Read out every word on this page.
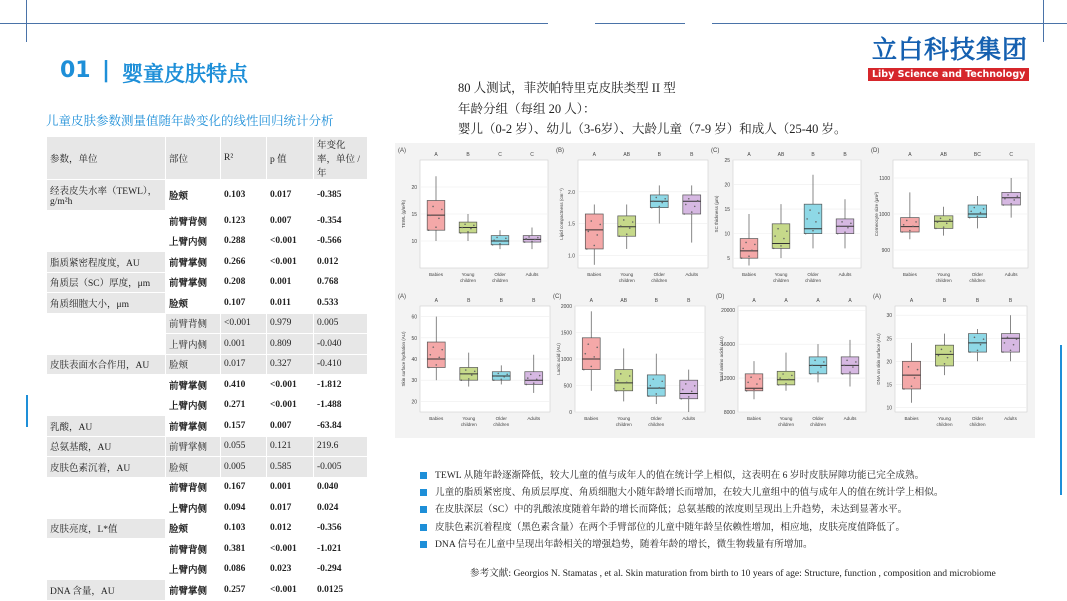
01 | 婴童皮肤特点
立白科技集团
Liby Science and Technology
儿童皮肤参数测量值随年龄变化的线性回归统计分析
80 人测试，菲茨帕特里克皮肤类型 II 型
年龄分组（每组 20 人）：
婴儿（0-2 岁）、幼儿（3-6岁）、大龄儿童（7-9 岁）和成人（25-40 岁。
参数，单位	部位	R²	p 值	年变化率，单位 / 年
经表皮失水率（TEWL），g/m²h	脸颊	0.103	0.017	-0.385
	前臂背侧	0.123	0.007	-0.354
	上臂内侧	0.288	<0.001	-0.566
脂质紧密程度度，AU	前臂掌侧	0.266	<0.001	0.012
角质层（SC）厚度，μm	前臂掌侧	0.208	0.001	0.768
角质细胞大小，μm	脸颊	0.107	0.011	0.533
	前臂背侧	<0.001	0.979	0.005
	上臂内侧	0.001	0.809	-0.040
皮肤表面水合作用，AU	脸颊	0.017	0.327	-0.410
	前臂掌侧	0.410	<0.001	-1.812
	上臂内侧	0.271	<0.001	-1.488
乳酸，AU	前臂掌侧	0.157	0.007	-63.84
总氨基酸，AU	前臂掌侧	0.055	0.121	219.6
皮肤色素沉着，AU	脸颊	0.005	0.585	-0.005
	前臂背侧	0.167	0.001	0.040
	上臂内侧	0.094	0.017	0.024
皮肤亮度，L*值	脸颊	0.103	0.012	-0.356
	前臂背侧	0.381	<0.001	-1.021
	上臂内侧	0.086	0.023	-0.294
DNA 含量，AU	前臂掌侧	0.257	<0.001	0.0125
(A)
TEWL (g/m²h)
10
15
20
A
Babies
B
Young
children
C
Older
children
C
Adults
(B)
Lipid compactness (cm⁻¹)
1.0
1.5
2.0
A
Babies
AB
Young
children
B
Older
children
B
Adults
(C)
SC thickness (μm)
5
10
15
20
25
A
Babies
AB
Young
children
B
Older
children
B
Adults
(D)
Corneocyte size (μm²)
900
1000
1100
A
Babies
AB
Young
children
BC
Older
children
C
Adults
(A)
Skin surface hydration (AU)
20
30
40
50
60
A
Babies
B
Young
children
B
Older
children
B
Adults
(C)
Lactic acid (AU)
0
500
1000
1500
2000
A
Babies
AB
Young
children
B
Older
children
B
Adults
(D)
Total amino acids (AU)
8000
12000
16000
20000
A
Babies
A
Young
children
A
Older
children
A
Adults
(A)
DNA on skin surface (AU)
10
15
20
25
30
A
Babies
B
Young
children
B
Older
children
B
Adults
TEWL 从随年龄逐渐降低，较大儿童的值与成年人的值在统计学上相似，这表明在 6 岁时皮肤屏障功能已完全成熟。
儿童的脂质紧密度、角质层厚度、角质细胞大小随年龄增长而增加，在较大儿童组中的值与成年人的值在统计学上相似。
在皮肤深层（SC）中的乳酸浓度随着年龄的增长而降低；总氨基酸的浓度则呈现出上升趋势，未达到显著水平。
皮肤色素沉着程度（黑色素含量）在两个手臂部位的儿童中随年龄呈依赖性增加，相应地，皮肤亮度值降低了。
DNA 信号在儿童中呈现出年龄相关的增强趋势，随着年龄的增长，微生物载量有所增加。
参考文献: Georgios N. Stamatas , et al. Skin maturation from birth to 10 years of age: Structure, function , composition and microbiome
